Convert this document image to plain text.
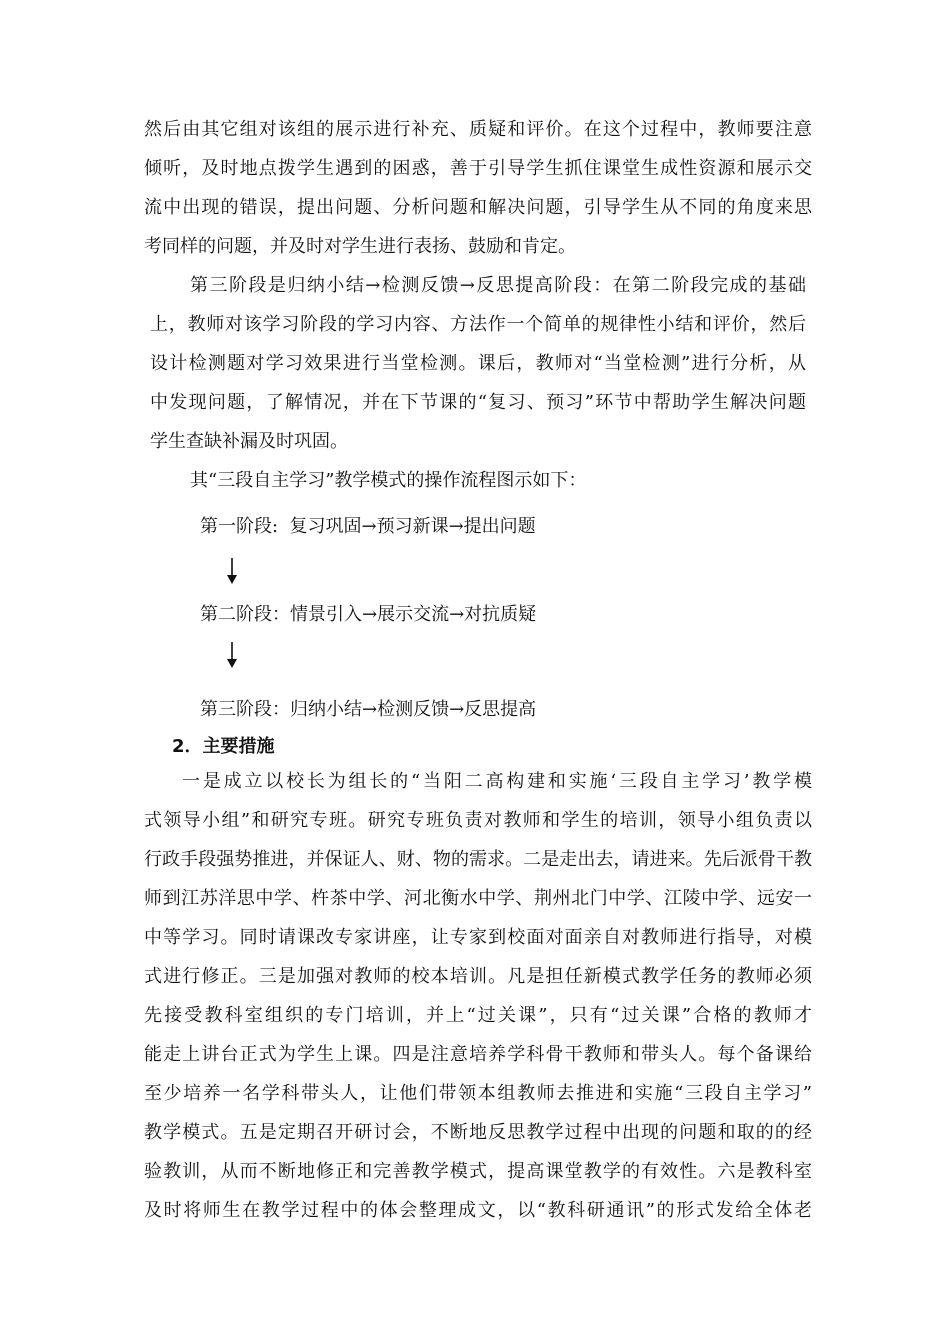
然后由其它组对该组的展示进行补充、质疑和评价。在这个过程中，教师要注意
倾听，及时地点拨学生遇到的困惑，善于引导学生抓住课堂生成性资源和展示交
流中出现的错误，提出问题、分析问题和解决问题，引导学生从不同的角度来思
考同样的问题，并及时对学生进行表扬、鼓励和肯定。
第三阶段是归纳小结→检测反馈→反思提高阶段：在第二阶段完成的基础
上，教师对该学习阶段的学习内容、方法作一个简单的规律性小结和评价，然后
设计检测题对学习效果进行当堂检测。课后，教师对“当堂检测”进行分析，从
中发现问题，了解情况，并在下节课的“复习、预习”环节中帮助学生解决问题
学生查缺补漏及时巩固。
其“三段自主学习”教学模式的操作流程图示如下：
第一阶段:  复习巩固→预习新课→提出问题
第二阶段：情景引入→展示交流→对抗质疑
第三阶段：归纳小结→检测反馈→反思提高
2．主要措施
一是成立以校长为组长的“当阳二高构建和实施‘三段自主学习’教学模
式领导小组”和研究专班。研究专班负责对教师和学生的培训，领导小组负责以
行政手段强势推进，并保证人、财、物的需求。二是走出去，请进来。先后派骨干教
师到江苏洋思中学、杵茶中学、河北衡水中学、荆州北门中学、江陵中学、远安一
中等学习。同时请课改专家讲座，让专家到校面对面亲自对教师进行指导，对模
式进行修正。三是加强对教师的校本培训。凡是担任新模式教学任务的教师必须
先接受教科室组织的专门培训，并上“过关课”，只有“过关课”合格的教师才
能走上讲台正式为学生上课。四是注意培养学科骨干教师和带头人。每个备课给
至少培养一名学科带头人，让他们带领本组教师去推进和实施“三段自主学习”
教学模式。五是定期召开研讨会，不断地反思教学过程中出现的问题和取的的经
验教训，从而不断地修正和完善教学模式，提高课堂教学的有效性。六是教科室
及时将师生在教学过程中的体会整理成文，以“教科研通讯”的形式发给全体老
